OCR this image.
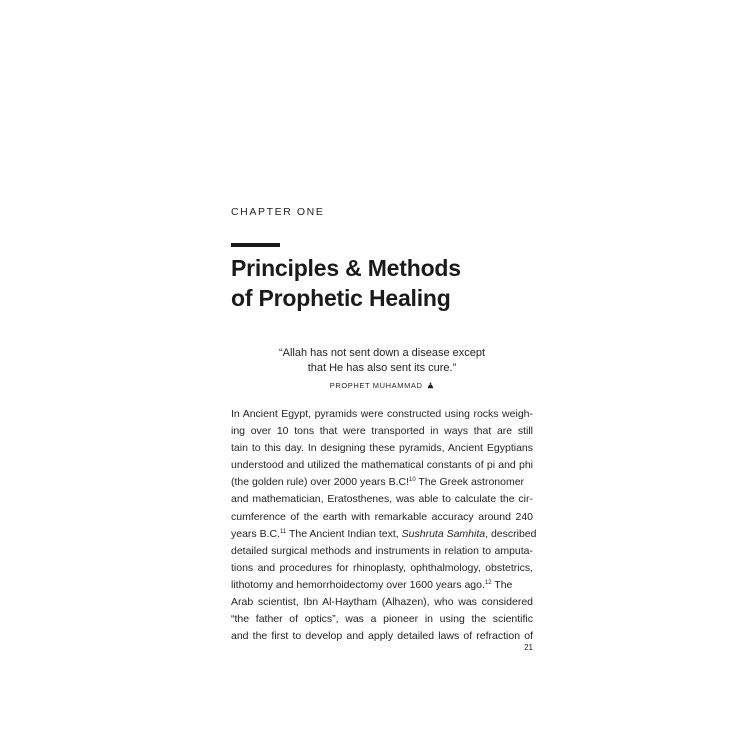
CHAPTER ONE
Principles & Methods
of Prophetic Healing
“Allah has not sent down a disease except
that He has also sent its cure.”
PROPHET MUHAMMAD
In Ancient Egypt, pyramids were constructed using rocks weigh-
ing over 10 tons that were transported in ways that are still
tain to this day. In designing these pyramids, Ancient Egyptians
understood and utilized the mathematical constants of pi and phi
(the golden rule) over 2000 years B.C!$^{10}$ The Greek astronomer
and mathematician, Eratosthenes, was able to calculate the cir-
cumference of the earth with remarkable accuracy around 240
years B.C.$^{11}$ The Ancient Indian text, Sushruta Samhita, described
detailed surgical methods and instruments in relation to amputa-
tions and procedures for rhinoplasty, ophthalmology, obstetrics,
lithotomy and hemorrhoidectomy over 1600 years ago.$^{12}$ The
Arab scientist, Ibn Al-Haytham (Alhazen), who was considered
“the father of optics”, was a pioneer in using the scientific
and the first to develop and apply detailed laws of refraction of
21
